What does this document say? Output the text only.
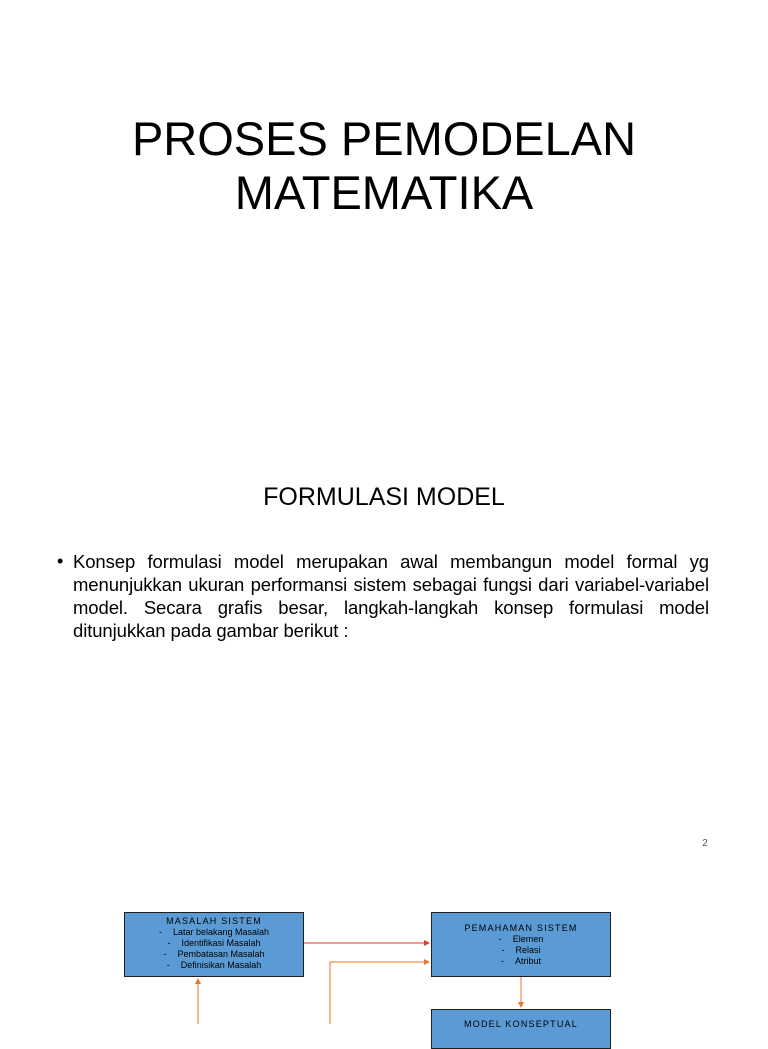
PROSES PEMODELAN
MATEMATIKA
FORMULASI MODEL
• Konsep formulasi model merupakan awal membangun model formal yg menunjukkan ukuran performansi sistem sebagai fungsi dari variabel-variabel model. Secara grafis besar, langkah-langkah konsep formulasi model ditunjukkan pada gambar berikut :
2
MASALAH SISTEM
- Latar belakang Masalah
- Identifikasi Masalah
- Pembatasan Masalah
- Definisikan Masalah
PEMAHAMAN SISTEM
- Elemen
- Relasi
- Atribut
MODEL KONSEPTUAL
